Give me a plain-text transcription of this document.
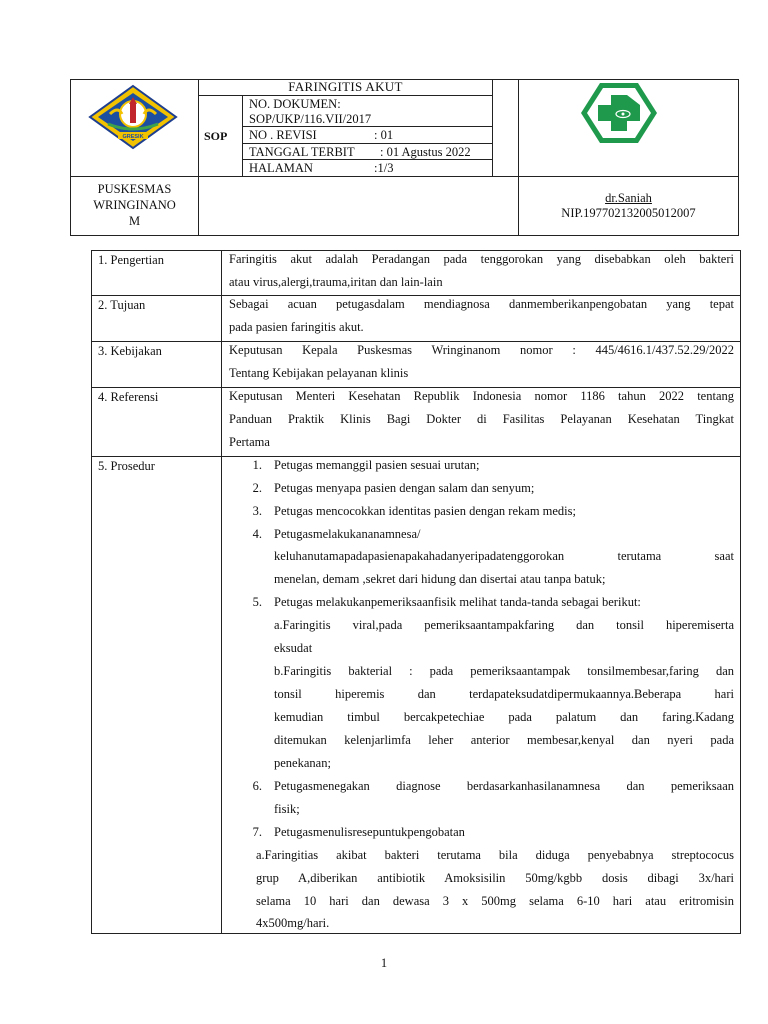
GRESIK
FARINGITIS AKUT
SOP
NO. DOKUMEN:
SOP/UKP/116.VII/2017
NO . REVISI	: 01
TANGGAL TERBIT : 01 Agustus 2022
HALAMAN	:1/3
PUSKESMAS
WRINGINANO
M
dr.Saniah
NIP.197702132005012007
1. Pengertian	Faringitis akut adalah Peradangan pada tenggorokan yang disebabkan oleh bakteri
atau virus,alergi,trauma,iritan dan lain-lain
2. Tujuan	Sebagai acuan petugasdalam mendiagnosa danmemberikanpengobatan yang tepat
pada pasien faringitis akut.
3. Kebijakan	Keputusan Kepala Puskesmas Wringinanom nomor : 445/4616.1/437.52.29/2022
Tentang Kebijakan pelayanan klinis
4. Referensi	Keputusan Menteri Kesehatan Republik Indonesia nomor 1186 tahun 2022 tentang
Panduan Praktik Klinis Bagi Dokter di Fasilitas Pelayanan Kesehatan Tingkat
Pertama
5. Prosedur	1. Petugas memanggil pasien sesuai urutan;
2. Petugas menyapa pasien dengan salam dan senyum;
3. Petugas mencocokkan identitas pasien dengan rekam medis;
4. Petugasmelakukananamnesa/
keluhanutamapadapasienapakahadanyeripadatenggorokan terutama saat
menelan, demam ,sekret dari hidung dan disertai atau tanpa batuk;
5. Petugas melakukanpemeriksaanfisik melihat tanda-tanda sebagai berikut:
a.Faringitis viral,pada pemeriksaantampakfaring dan tonsil hiperemiserta
eksudat
b.Faringitis bakterial : pada pemeriksaantampak tonsilmembesar,faring dan
tonsil hiperemis dan terdapateksudatdipermukaannya.Beberapa hari
kemudian timbul bercakpetechiae pada palatum dan faring.Kadang
ditemukan kelenjarlimfa leher anterior membesar,kenyal dan nyeri pada
penekanan;
6. Petugasmenegakan diagnose berdasarkanhasilanamnesa dan pemeriksaan
fisik;
7. Petugasmenulisresepuntukpengobatan
a.Faringitias akibat bakteri terutama bila diduga penyebabnya streptococus
grup A,diberikan antibiotik Amoksisilin 50mg/kgbb dosis dibagi 3x/hari
selama 10 hari dan dewasa 3 x 500mg selama 6-10 hari atau eritromisin
4x500mg/hari.
1
